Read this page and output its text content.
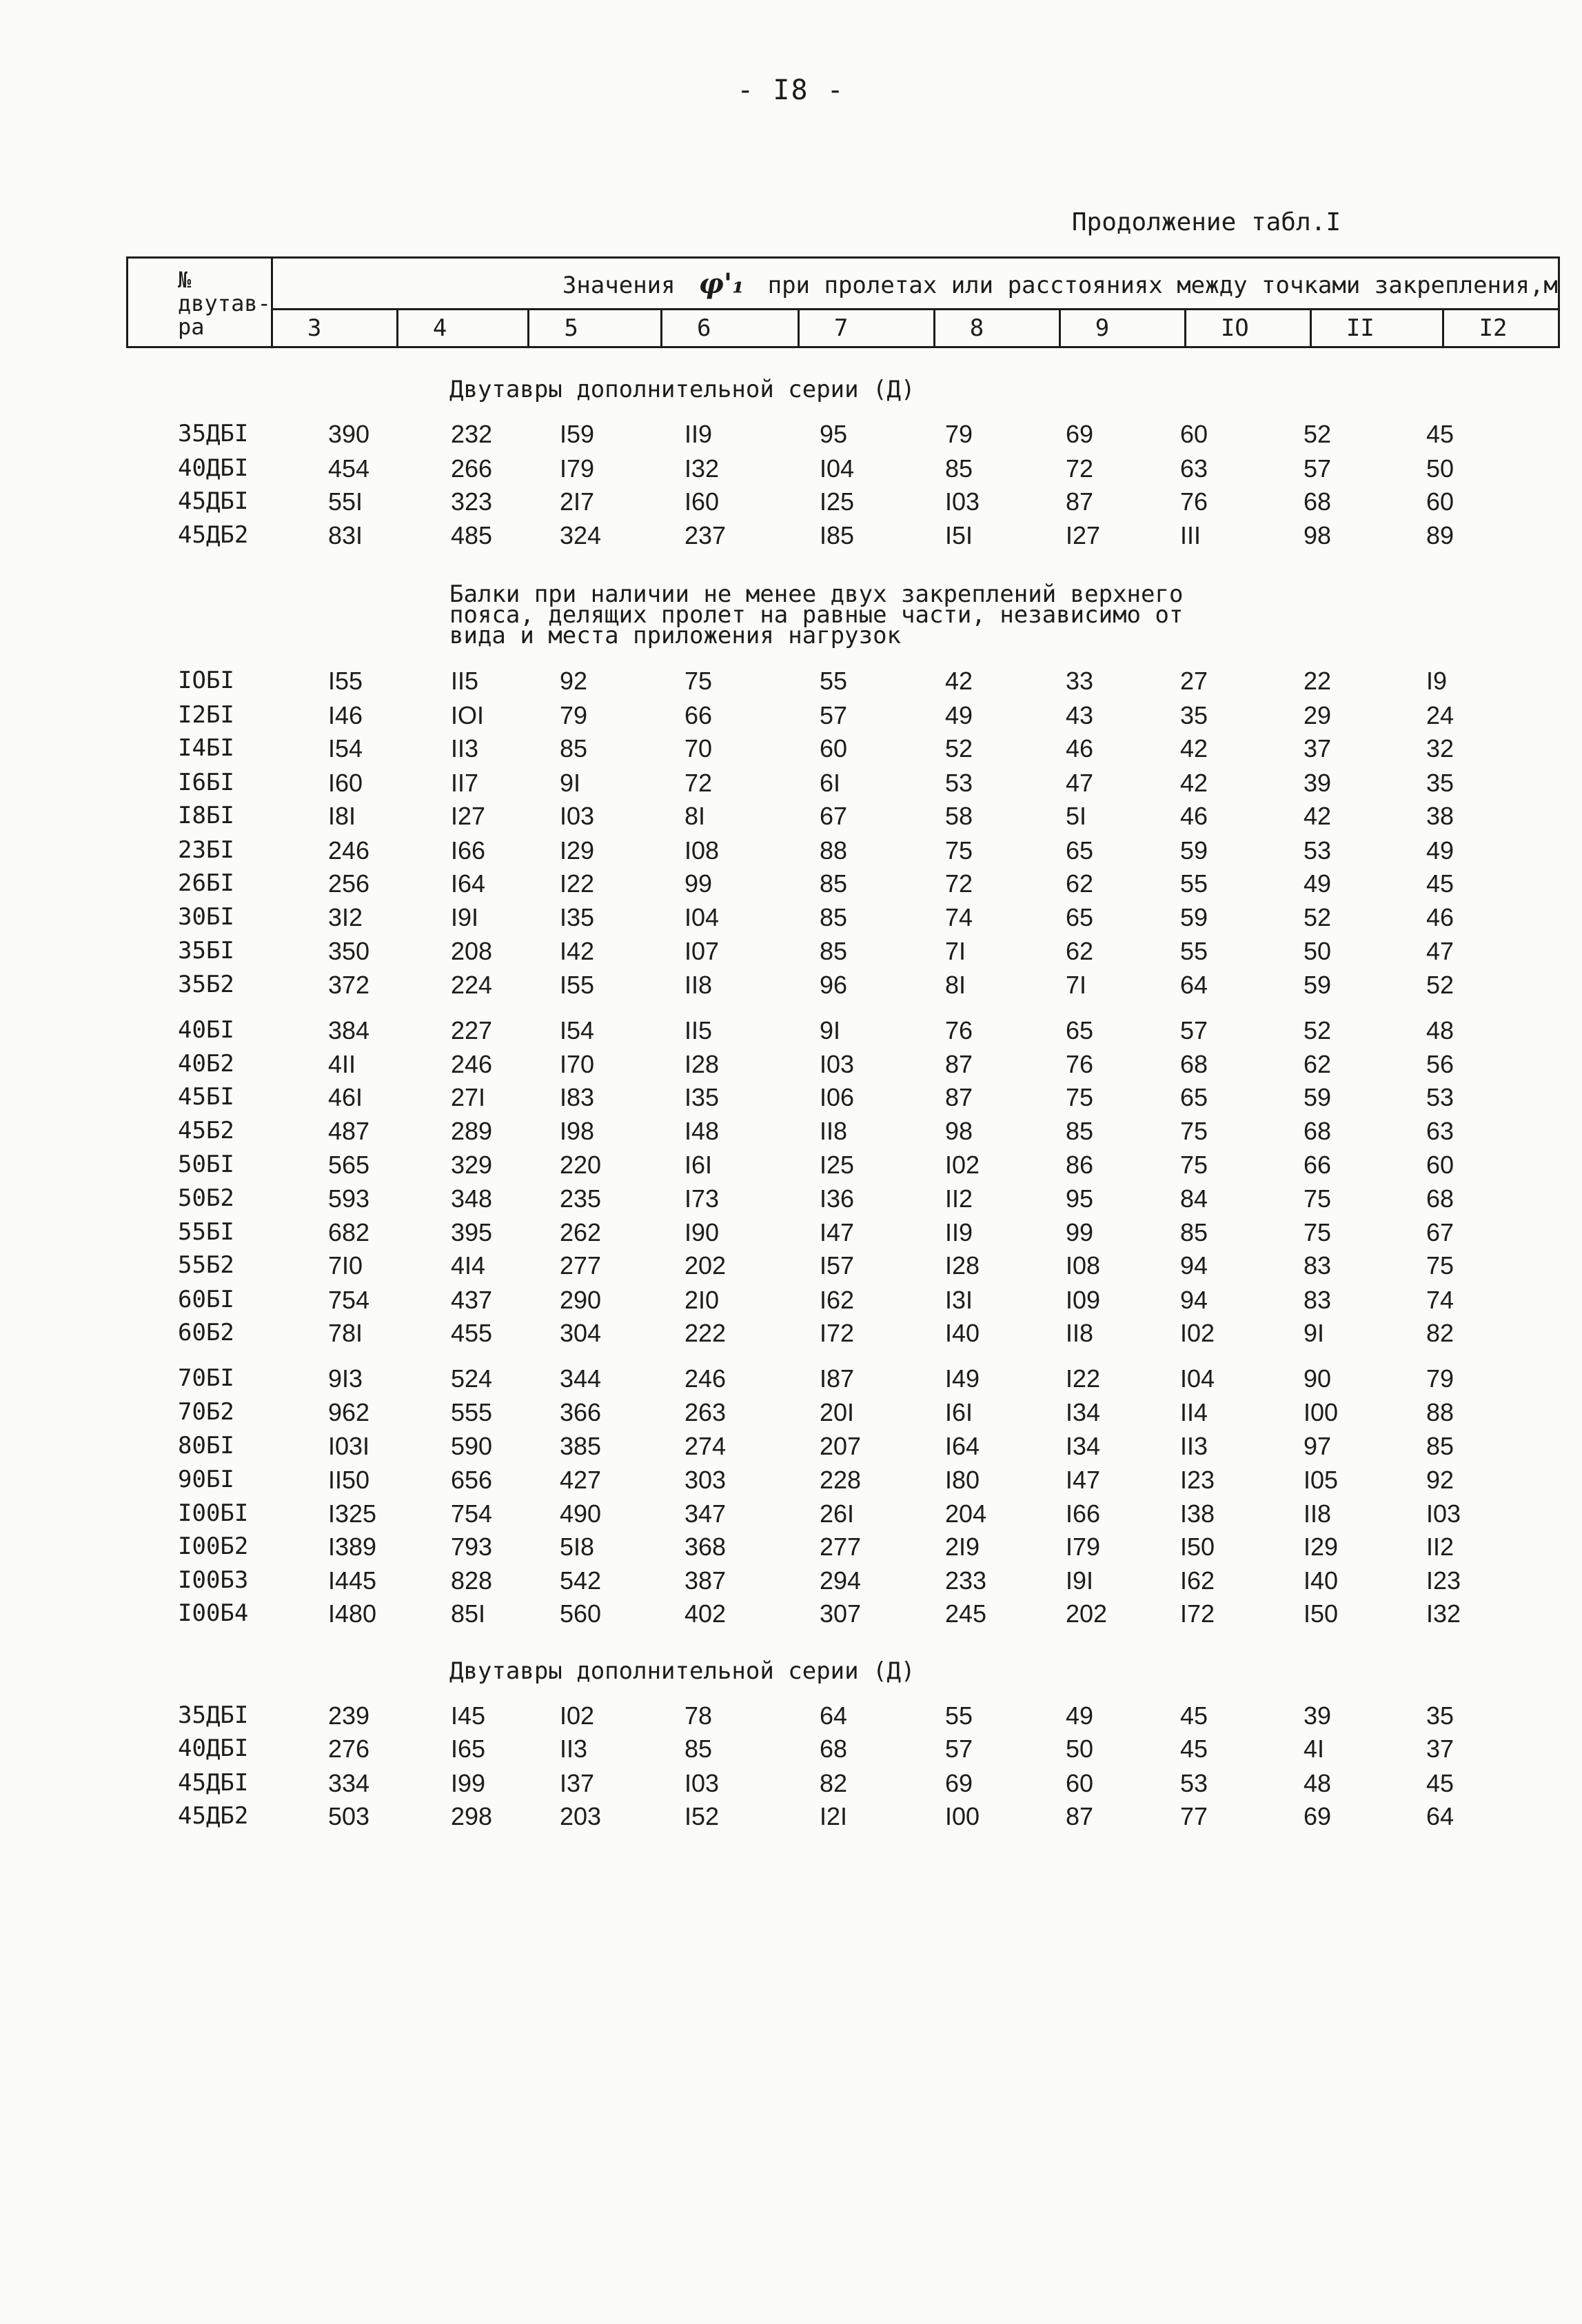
- I8 -
Продолжение табл.I
№
двутав-
ра	Значения φ'₁ при пролетах или расстояниях между точками закрепления,м									
	3	4	5	6	7	8	9	IO	II	I2
Двутавры дополнительной серии (Д)
35ДБI	390	232	I59	II9	95	79	69	60	52	45
40ДБI	454	266	I79	I32	I04	85	72	63	57	50
45ДБI	55I	323	2I7	I60	I25	I03	87	76	68	60
45ДБ2	83I	485	324	237	I85	I5I	I27	III	98	89
Балки при наличии не менее двух закреплений верхнего
пояса, делящих пролет на равные части, независимо от
вида и места приложения нагрузок
IOБI	I55	II5	92	75	55	42	33	27	22	I9
I2БI	I46	IOI	79	66	57	49	43	35	29	24
I4БI	I54	II3	85	70	60	52	46	42	37	32
I6БI	I60	II7	9I	72	6I	53	47	42	39	35
I8БI	I8I	I27	I03	8I	67	58	5I	46	42	38
23БI	246	I66	I29	I08	88	75	65	59	53	49
26БI	256	I64	I22	99	85	72	62	55	49	45
30БI	3I2	I9I	I35	I04	85	74	65	59	52	46
35БI	350	208	I42	I07	85	7I	62	55	50	47
35Б2	372	224	I55	II8	96	8I	7I	64	59	52
40БI	384	227	I54	II5	9I	76	65	57	52	48
40Б2	4II	246	I70	I28	I03	87	76	68	62	56
45БI	46I	27I	I83	I35	I06	87	75	65	59	53
45Б2	487	289	I98	I48	II8	98	85	75	68	63
50БI	565	329	220	I6I	I25	I02	86	75	66	60
50Б2	593	348	235	I73	I36	II2	95	84	75	68
55БI	682	395	262	I90	I47	II9	99	85	75	67
55Б2	7I0	4I4	277	202	I57	I28	I08	94	83	75
60БI	754	437	290	2I0	I62	I3I	I09	94	83	74
60Б2	78I	455	304	222	I72	I40	II8	I02	9I	82
70БI	9I3	524	344	246	I87	I49	I22	I04	90	79
70Б2	962	555	366	263	20I	I6I	I34	II4	I00	88
80БI	I03I	590	385	274	207	I64	I34	II3	97	85
90БI	II50	656	427	303	228	I80	I47	I23	I05	92
I00БI	I325	754	490	347	26I	204	I66	I38	II8	I03
I00Б2	I389	793	5I8	368	277	2I9	I79	I50	I29	II2
I00Б3	I445	828	542	387	294	233	I9I	I62	I40	I23
I00Б4	I480	85I	560	402	307	245	202	I72	I50	I32
Двутавры дополнительной серии (Д)
35ДБI	239	I45	I02	78	64	55	49	45	39	35
40ДБI	276	I65	II3	85	68	57	50	45	4I	37
45ДБI	334	I99	I37	I03	82	69	60	53	48	45
45ДБ2	503	298	203	I52	I2I	I00	87	77	69	64
